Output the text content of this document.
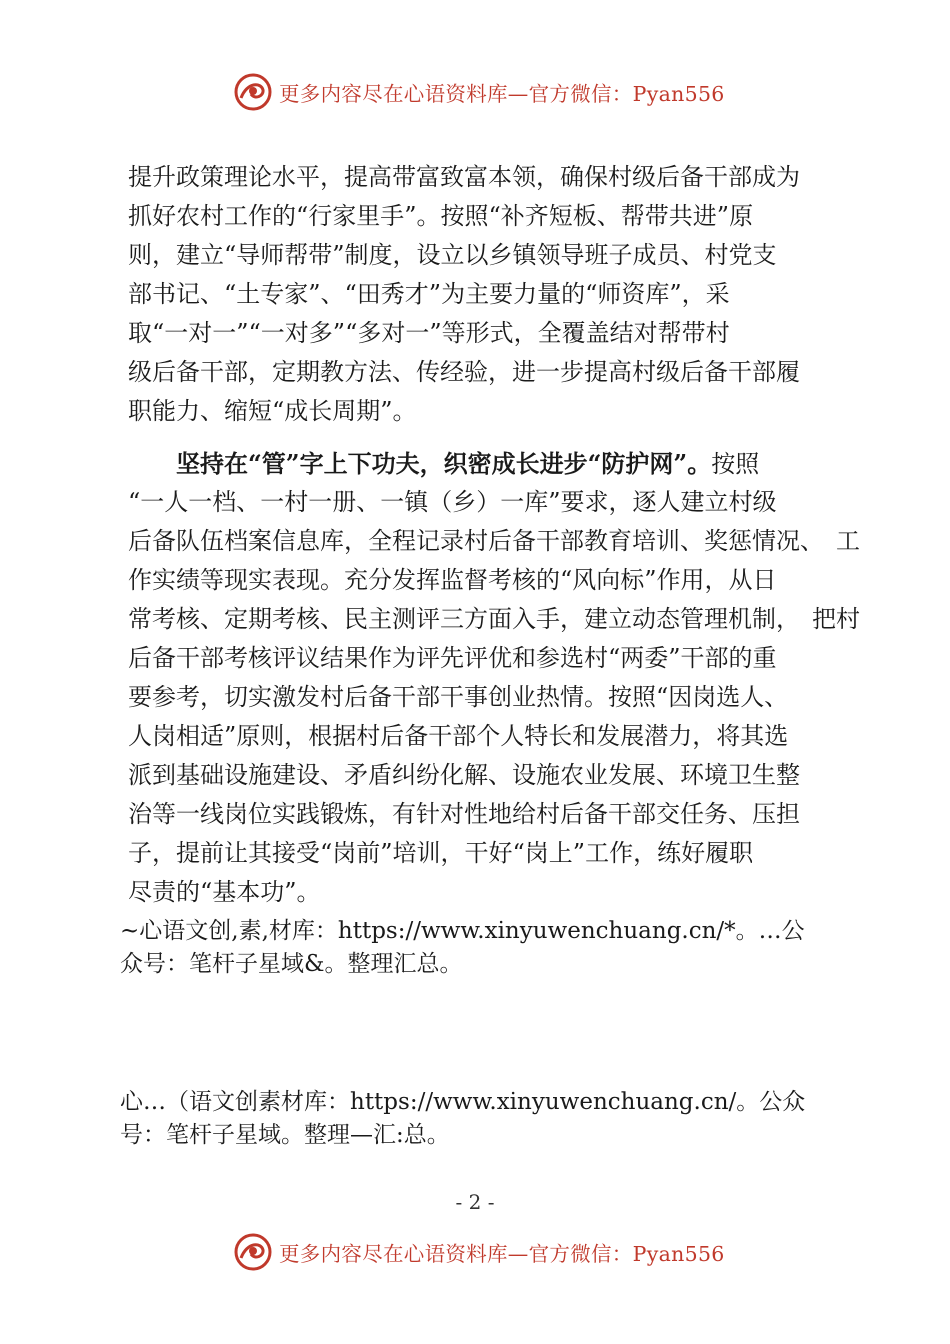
更多内容尽在心语资料库—官方微信：Pyan556
提升政策理论水平，提高带富致富本领，确保村级后备干部成为
抓好农村工作的“行家里手”。按照“补齐短板、帮带共进”原
则，建立“导师帮带”制度，设立以乡镇领导班子成员、村党支
部书记、“土专家”、“田秀才”为主要力量的“师资库”，采
取“一对一”“一对多”“多对一”等形式，全覆盖结对帮带村
级后备干部，定期教方法、传经验，进一步提高村级后备干部履
职能力、缩短“成长周期”。
　　坚持在“管”字上下功夫，织密成长进步“防护网”。按照
“一人一档、一村一册、一镇（乡）一库”要求，逐人建立村级
后备队伍档案信息库，全程记录村后备干部教育培训、奖惩情况、　工
作实绩等现实表现。充分发挥监督考核的“风向标”作用，从日
常考核、定期考核、民主测评三方面入手，建立动态管理机制，　把村
后备干部考核评议结果作为评先评优和参选村“两委”干部的重
要参考，切实激发村后备干部干事创业热情。按照“因岗选人、
人岗相适”原则，根据村后备干部个人特长和发展潜力，将其选
派到基础设施建设、矛盾纠纷化解、设施农业发展、环境卫生整
治等一线岗位实践锻炼，有针对性地给村后备干部交任务、压担
子，提前让其接受“岗前”培训，干好“岗上”工作，练好履职
尽责的“基本功”。
~心语文创,素,材库：https://www.xinyuwenchuang.cn/*。…公
众号：笔杆子星域&。整理汇总。
心…（语文创素材库：https://www.xinyuwenchuang.cn/。公众
号：笔杆子星域。整理—汇:总。
- 2 -
更多内容尽在心语资料库—官方微信：Pyan556
